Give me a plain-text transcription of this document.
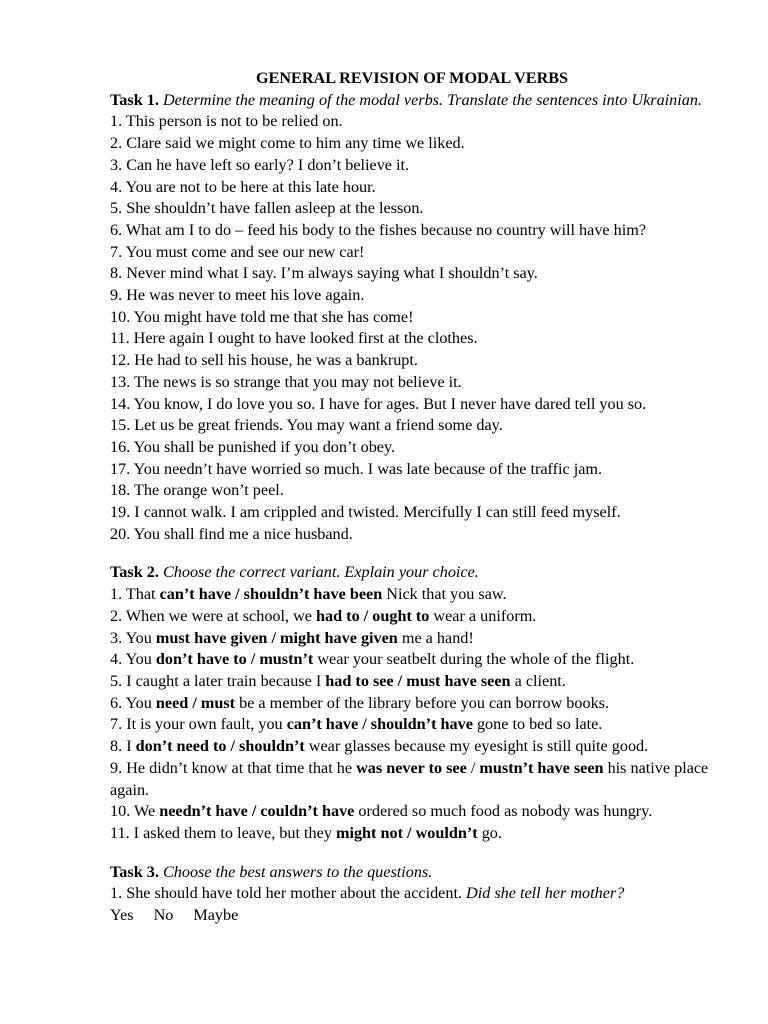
GENERAL REVISION OF MODAL VERBS
Task 1. Determine the meaning of the modal verbs. Translate the sentences into Ukrainian.
1. This person is not to be relied on.
2. Clare said we might come to him any time we liked.
3. Can he have left so early? I don’t believe it.
4. You are not to be here at this late hour.
5. She shouldn’t have fallen asleep at the lesson.
6. What am I to do – feed his body to the fishes because no country will have him?
7. You must come and see our new car!
8. Never mind what I say. I’m always saying what I shouldn’t say.
9. He was never to meet his love again.
10. You might have told me that she has come!
11. Here again I ought to have looked first at the clothes.
12. He had to sell his house, he was a bankrupt.
13. The news is so strange that you may not believe it.
14. You know, I do love you so. I have for ages. But I never have dared tell you so.
15. Let us be great friends. You may want a friend some day.
16. You shall be punished if you don’t obey.
17. You needn’t have worried so much. I was late because of the traffic jam.
18. The orange won’t peel.
19. I cannot walk. I am crippled and twisted. Mercifully I can still feed myself.
20. You shall find me a nice husband.
Task 2. Choose the correct variant. Explain your choice.
1. That can’t have / shouldn’t have been Nick that you saw.
2. When we were at school, we had to / ought to wear a uniform.
3. You must have given / might have given me a hand!
4. You don’t have to / mustn’t wear your seatbelt during the whole of the flight.
5. I caught a later train because I had to see / must have seen a client.
6. You need / must be a member of the library before you can borrow books.
7. It is your own fault, you can’t have / shouldn’t have gone to bed so late.
8. I don’t need to / shouldn’t wear glasses because my eyesight is still quite good.
9. He didn’t know at that time that he was never to see / mustn’t have seen his native place again.
10. We needn’t have / couldn’t have ordered so much food as nobody was hungry.
11. I asked them to leave, but they might not / wouldn’t go.
Task 3. Choose the best answers to the questions.
1. She should have told her mother about the accident. Did she tell her mother?
Yes No Maybe
